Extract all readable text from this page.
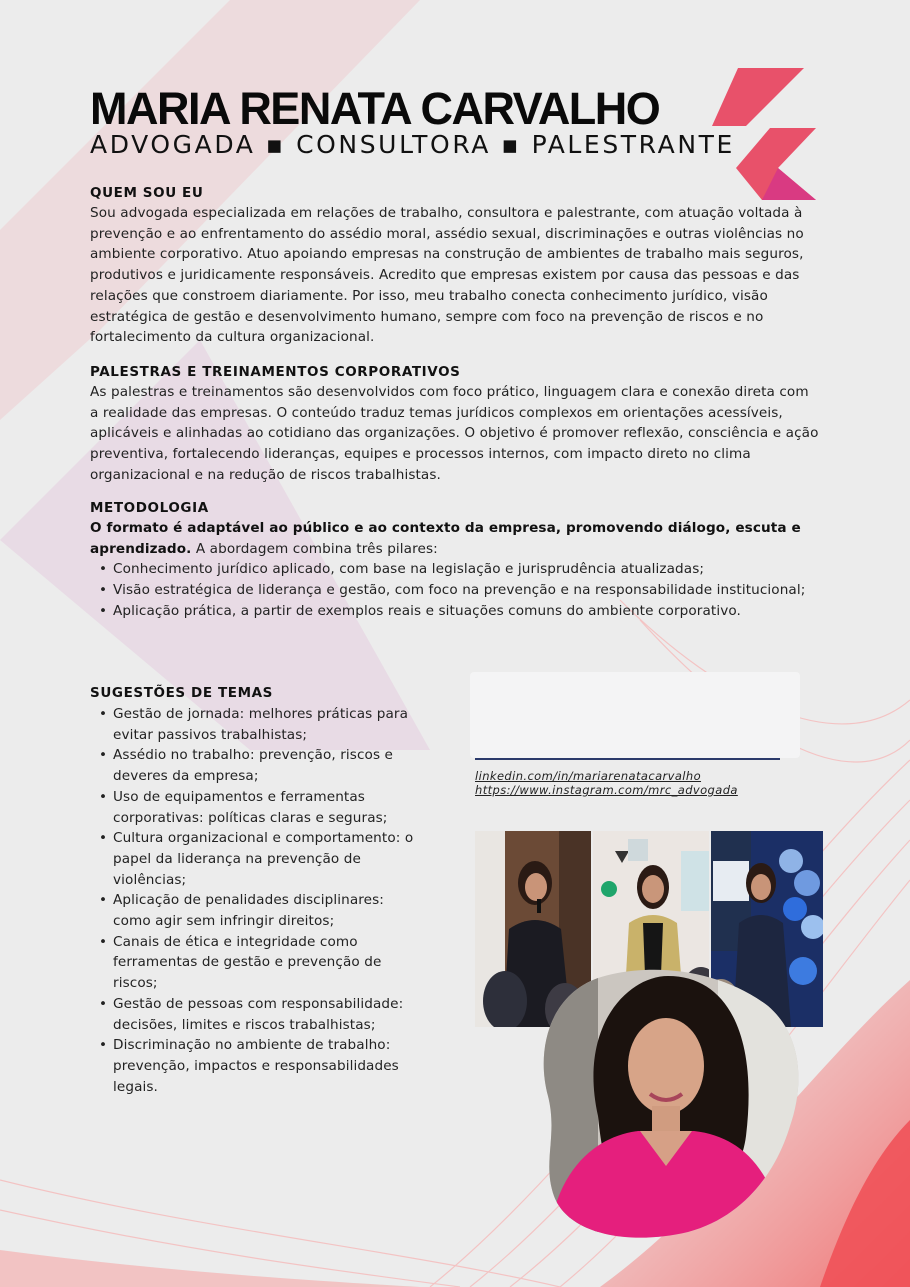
MARIA RENATA CARVALHO
ADVOGADA ▪ CONSULTORA ▪ PALESTRANTE
QUEM SOU EU

Sou advogada especializada em relações de trabalho, consultora e palestrante, com atuação voltada à prevenção e ao enfrentamento do assédio moral, assédio sexual, discriminações e outras violências no ambiente corporativo. Atuo apoiando empresas na construção de ambientes de trabalho mais seguros, produtivos e juridicamente responsáveis. Acredito que empresas existem por causa das pessoas e das relações que constroem diariamente. Por isso, meu trabalho conecta conhecimento jurídico, visão estratégica de gestão e desenvolvimento humano, sempre com foco na prevenção de riscos e no fortalecimento da cultura organizacional.

PALESTRAS E TREINAMENTOS CORPORATIVOS

As palestras e treinamentos são desenvolvidos com foco prático, linguagem clara e conexão direta com a realidade das empresas. O conteúdo traduz temas jurídicos complexos em orientações acessíveis, aplicáveis e alinhadas ao cotidiano das organizações. O objetivo é promover reflexão, consciência e ação preventiva, fortalecendo lideranças, equipes e processos internos, com impacto direto no clima organizacional e na redução de riscos trabalhistas.

METODOLOGIA

O formato é adaptável ao público e ao contexto da empresa, promovendo diálogo, escuta e aprendizado. A abordagem combina três pilares:

• Conhecimento jurídico aplicado, com base na legislação e jurisprudência atualizadas;
• Visão estratégica de liderança e gestão, com foco na prevenção e na responsabilidade institucional;
• Aplicação prática, a partir de exemplos reais e situações comuns do ambiente corporativo.
SUGESTÕES DE TEMAS
• Gestão de jornada: melhores práticas para evitar passivos trabalhistas;
• Assédio no trabalho: prevenção, riscos e deveres da empresa;
• Uso de equipamentos e ferramentas corporativas: políticas claras e seguras;
• Cultura organizacional e comportamento: o papel da liderança na prevenção de violências;
• Aplicação de penalidades disciplinares: como agir sem infringir direitos;
• Canais de ética e integridade como ferramentas de gestão e prevenção de riscos;
• Gestão de pessoas com responsabilidade: decisões, limites e riscos trabalhistas;
• Discriminação no ambiente de trabalho: prevenção, impactos e responsabilidades legais.
linkedin.com/in/mariarenatacarvalho
https://www.instagram.com/mrc_advogada
